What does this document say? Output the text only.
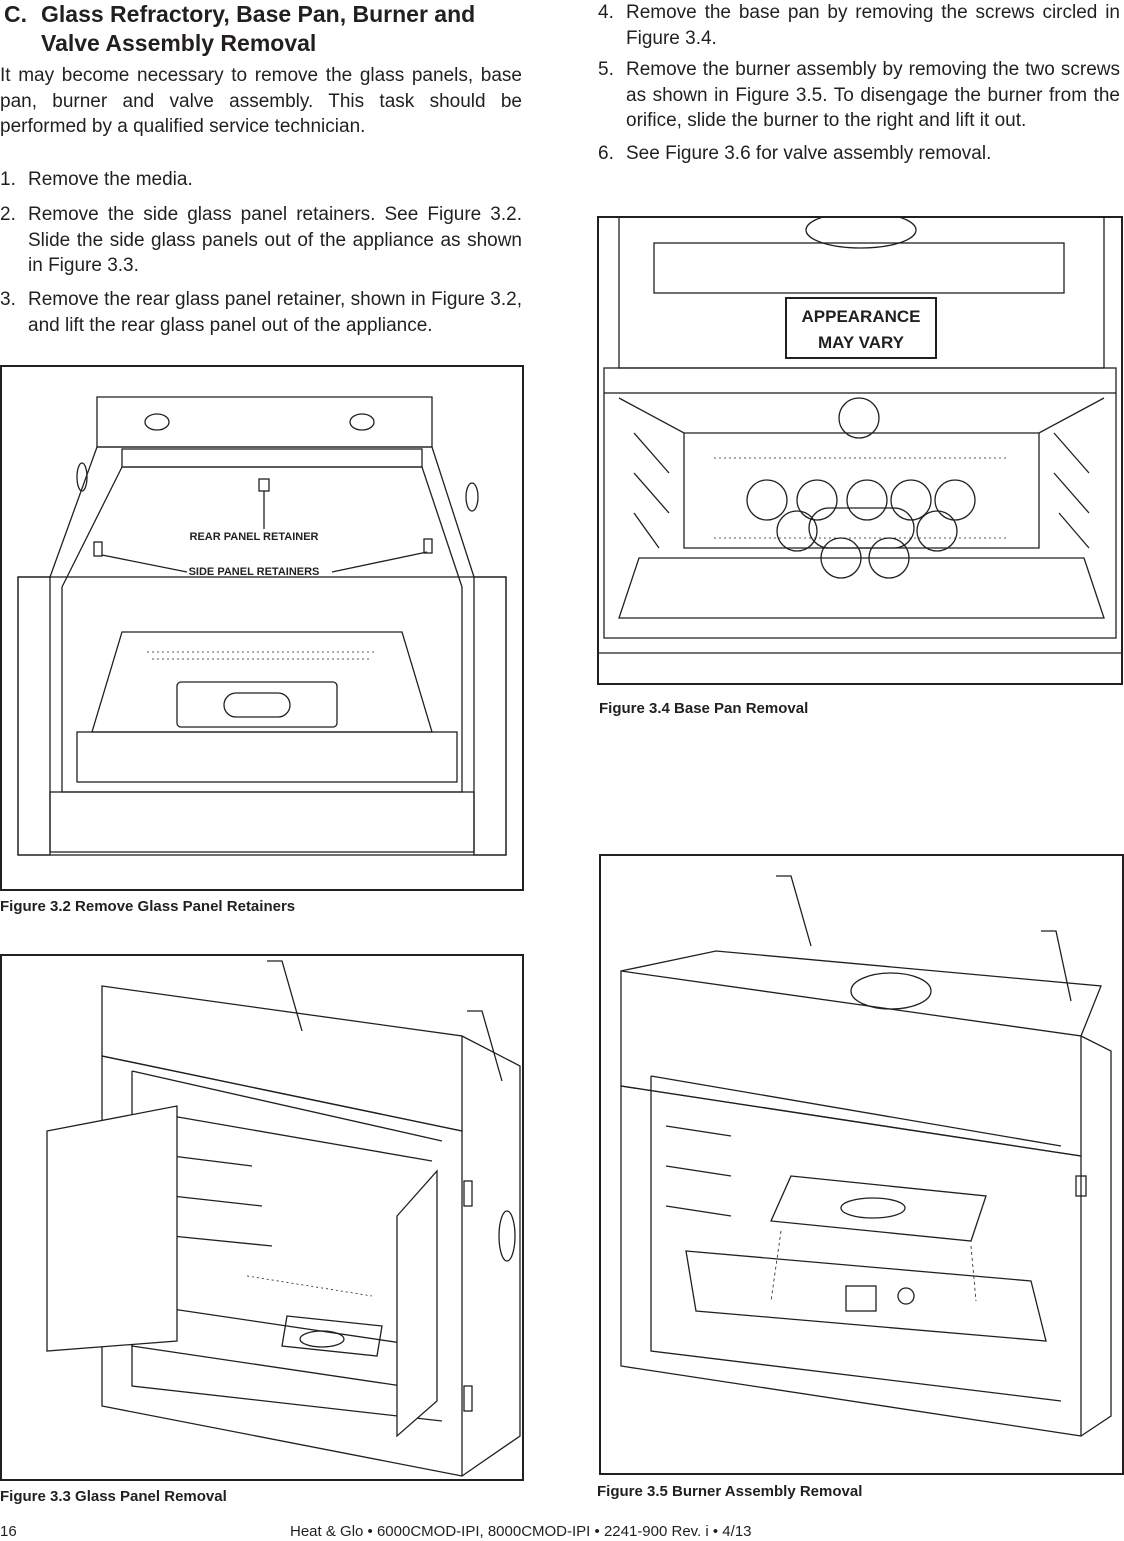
C. Glass Refractory, Base Pan, Burner and Valve Assembly Removal
It may become necessary to remove the glass panels, base pan, burner and valve assembly. This task should be performed by a qualified service technician.
1. Remove the media.
2. Remove the side glass panel retainers. See Figure 3.2. Slide the side glass panels out of the appliance as shown in Figure 3.3.
3. Remove the rear glass panel retainer, shown in Figure 3.2, and lift the rear glass panel out of the appliance.
REAR PANEL RETAINER
SIDE PANEL RETAINERS
Figure 3.2 Remove Glass Panel Retainers
Figure 3.3 Glass Panel Removal
4. Remove the base pan by removing the screws circled in Figure 3.4.
5. Remove the burner assembly by removing the two screws as shown in Figure 3.5. To disengage the burner from the orifice, slide the burner to the right and lift it out.
6. See Figure 3.6 for valve assembly removal.
APPEARANCE
MAY VARY
Figure 3.4 Base Pan Removal
Figure 3.5 Burner Assembly Removal
16	Heat & Glo • 6000CMOD-IPI, 8000CMOD-IPI • 2241-900 Rev. i • 4/13
